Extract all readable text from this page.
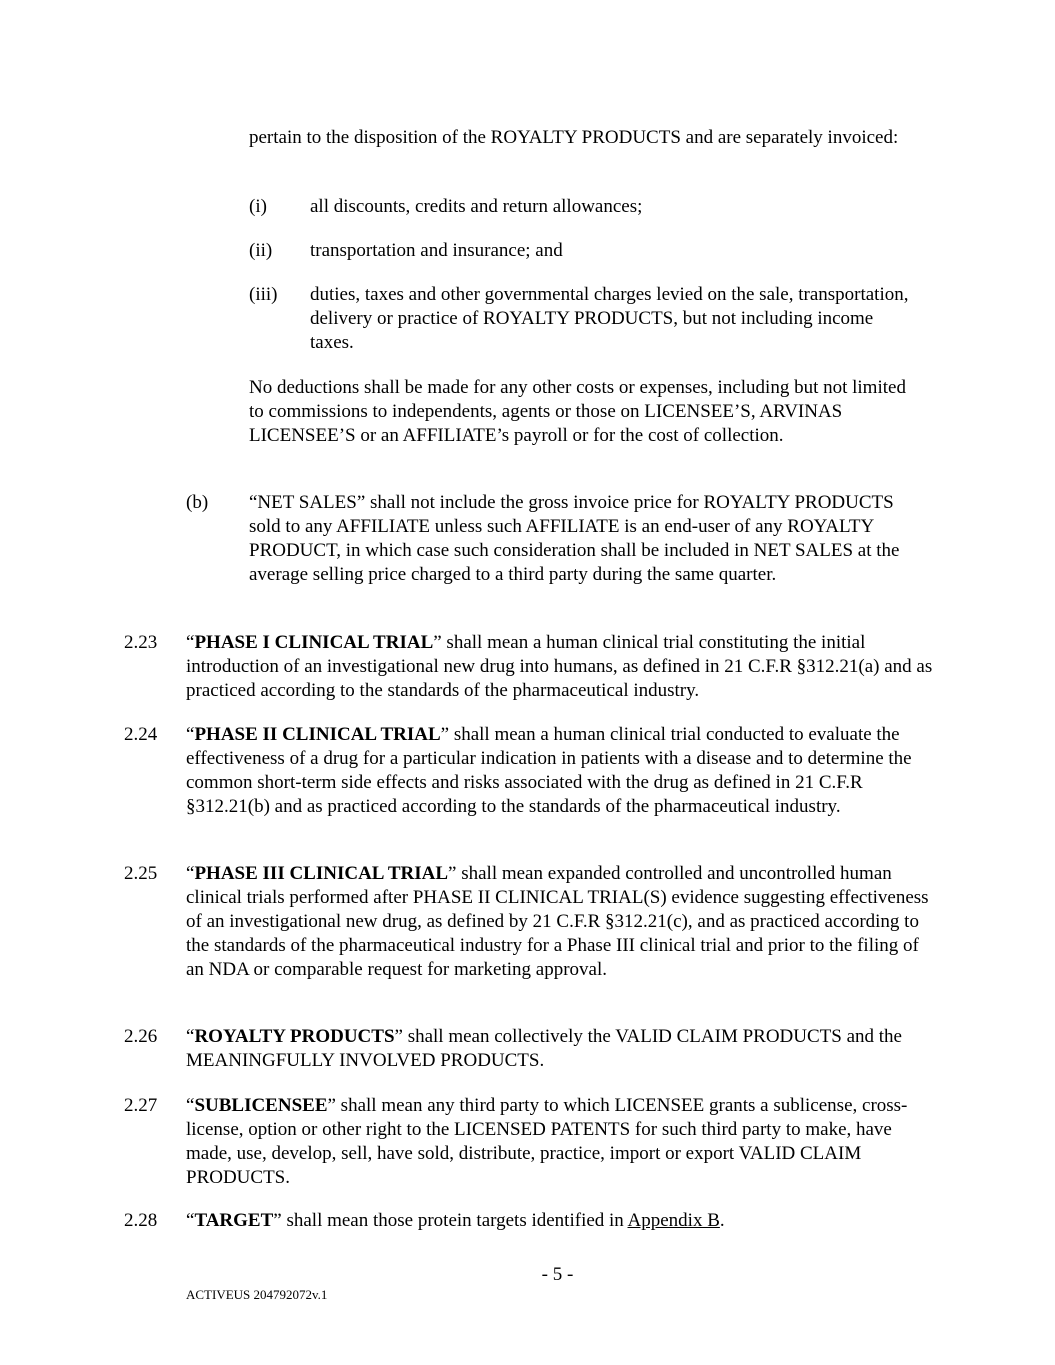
pertain to the disposition of the ROYALTY PRODUCTS and are separately invoiced:

(i) all discounts, credits and return allowances;

(ii) transportation and insurance; and

(iii) duties, taxes and other governmental charges levied on the sale, transportation, delivery or practice of ROYALTY PRODUCTS, but not including income taxes.

No deductions shall be made for any other costs or expenses, including but not limited to commissions to independents, agents or those on LICENSEE’S, ARVINAS LICENSEE’S or an AFFILIATE’s payroll or for the cost of collection.

(b) “NET SALES” shall not include the gross invoice price for ROYALTY PRODUCTS sold to any AFFILIATE unless such AFFILIATE is an end-user of any ROYALTY PRODUCT, in which case such consideration shall be included in NET SALES at the average selling price charged to a third party during the same quarter.

2.23 “PHASE I CLINICAL TRIAL” shall mean a human clinical trial constituting the initial introduction of an investigational new drug into humans, as defined in 21 C.F.R §312.21(a) and as practiced according to the standards of the pharmaceutical industry.

2.24 “PHASE II CLINICAL TRIAL” shall mean a human clinical trial conducted to evaluate the effectiveness of a drug for a particular indication in patients with a disease and to determine the common short-term side effects and risks associated with the drug as defined in 21 C.F.R §312.21(b) and as practiced according to the standards of the pharmaceutical industry.

2.25 “PHASE III CLINICAL TRIAL” shall mean expanded controlled and uncontrolled human clinical trials performed after PHASE II CLINICAL TRIAL(S) evidence suggesting effectiveness of an investigational new drug, as defined by 21 C.F.R §312.21(c), and as practiced according to the standards of the pharmaceutical industry for a Phase III clinical trial and prior to the filing of an NDA or comparable request for marketing approval.

2.26 “ROYALTY PRODUCTS” shall mean collectively the VALID CLAIM PRODUCTS and the MEANINGFULLY INVOLVED PRODUCTS.

2.27 “SUBLICENSEE” shall mean any third party to which LICENSEE grants a sublicense, cross-license, option or other right to the LICENSED PATENTS for such third party to make, have made, use, develop, sell, have sold, distribute, practice, import or export VALID CLAIM PRODUCTS.

2.28 “TARGET” shall mean those protein targets identified in Appendix B.

- 5 -
ACTIVEUS 204792072v.1
